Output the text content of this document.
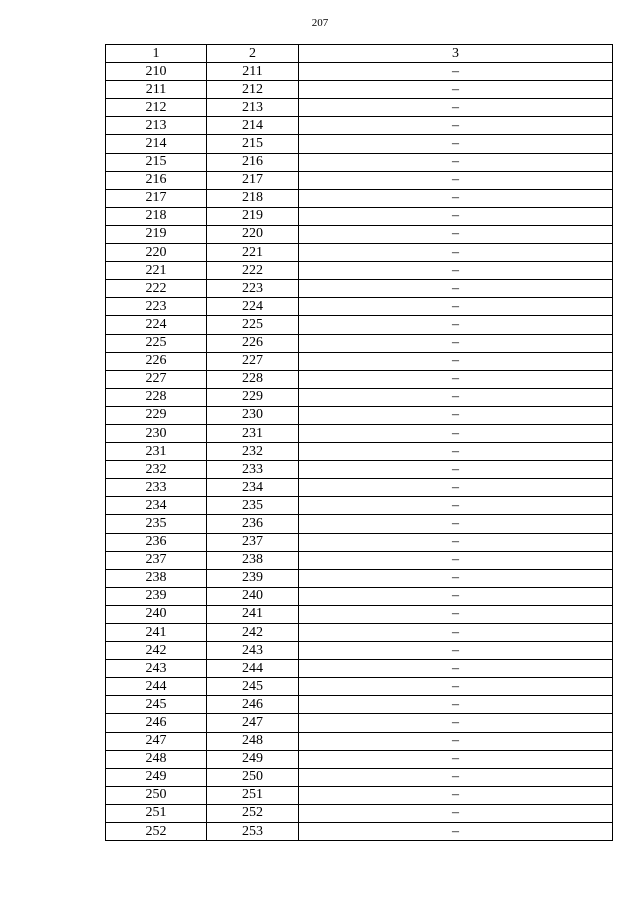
207
1	2	3
210	211	–
211	212	–
212	213	–
213	214	–
214	215	–
215	216	–
216	217	–
217	218	–
218	219	–
219	220	–
220	221	–
221	222	–
222	223	–
223	224	–
224	225	–
225	226	–
226	227	–
227	228	–
228	229	–
229	230	–
230	231	–
231	232	–
232	233	–
233	234	–
234	235	–
235	236	–
236	237	–
237	238	–
238	239	–
239	240	–
240	241	–
241	242	–
242	243	–
243	244	–
244	245	–
245	246	–
246	247	–
247	248	–
248	249	–
249	250	–
250	251	–
251	252	–
252	253	–
